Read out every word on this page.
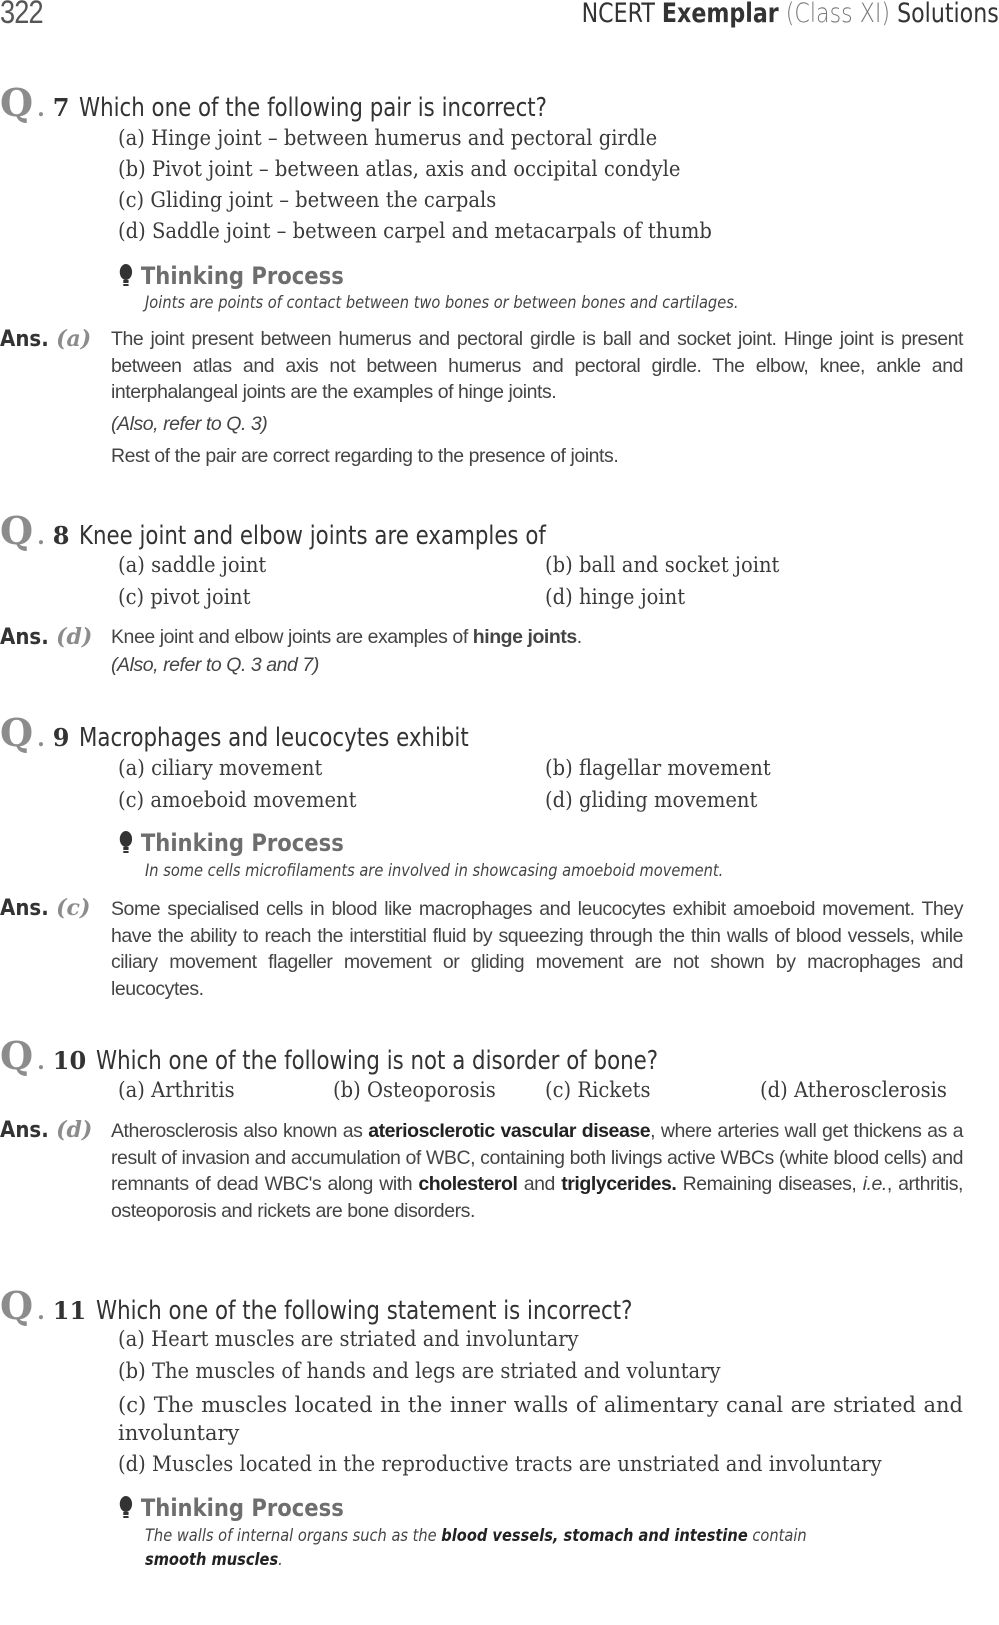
322	NCERT Exemplar (Class XI) Solutions
Q . 7 Which one of the following pair is incorrect?
(a) Hinge joint – between humerus and pectoral girdle
(b) Pivot joint – between atlas, axis and occipital condyle
(c) Gliding joint – between the carpals
(d) Saddle joint – between carpel and metacarpals of thumb
Thinking Process
Joints are points of contact between two bones or between bones and cartilages.
Ans. (a) The joint present between humerus and pectoral girdle is ball and socket joint. Hinge joint is present between atlas and axis not between humerus and pectoral girdle. The elbow, knee, ankle and interphalangeal joints are the examples of hinge joints.
(Also, refer to Q. 3)
Rest of the pair are correct regarding to the presence of joints.
Q . 8 Knee joint and elbow joints are examples of
(a) saddle joint	(b) ball and socket joint
(c) pivot joint	(d) hinge joint
Ans. (d) Knee joint and elbow joints are examples of hinge joints.
(Also, refer to Q. 3 and 7)
Q . 9 Macrophages and leucocytes exhibit
(a) ciliary movement	(b) flagellar movement
(c) amoeboid movement	(d) gliding movement
Thinking Process
In some cells microfilaments are involved in showcasing amoeboid movement.
Ans. (c) Some specialised cells in blood like macrophages and leucocytes exhibit amoeboid movement. They have the ability to reach the interstitial fluid by squeezing through the thin walls of blood vessels, while ciliary movement flageller movement or gliding movement are not shown by macrophages and leucocytes.
Q . 10 Which one of the following is not a disorder of bone?
(a) Arthritis	(b) Osteoporosis (c) Rickets	(d) Atherosclerosis
Ans. (d) Atherosclerosis also known as aterioscIerotic vascular disease, where arteries wall get thickens as a result of invasion and accumulation of WBC, containing both livings active WBCs (white blood cells) and remnants of dead WBC's along with cholesterol and triglycerides. Remaining diseases, i.e., arthritis, osteoporosis and rickets are bone disorders.
Q . 11 Which one of the following statement is incorrect?
(a) Heart muscles are striated and involuntary
(b) The muscles of hands and legs are striated and voluntary
(c) The muscles located in the inner walls of alimentary canal are striated and involuntary
(d) Muscles located in the reproductive tracts are unstriated and involuntary
Thinking Process
The walls of internal organs such as the blood vessels, stomach and intestine contain
smooth muscles.
